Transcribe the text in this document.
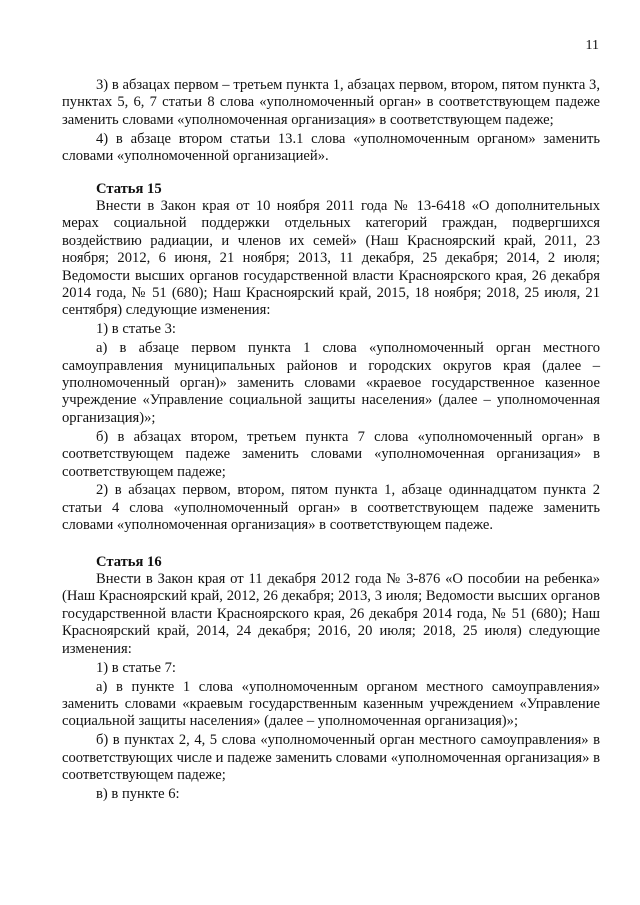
11

3) в абзацах первом – третьем пункта 1, абзацах первом, втором, пятом пункта 3, пунктах 5, 6, 7 статьи 8 слова «уполномоченный орган» в соответствующем падеже заменить словами «уполномоченная организация» в соответствующем падеже;

4) в абзаце втором статьи 13.1 слова «уполномоченным органом» заменить словами «уполномоченной организацией».

Статья 15

Внести в Закон края от 10 ноября 2011 года № 13-6418 «О дополнительных мерах социальной поддержки отдельных категорий граждан, подвергшихся воздействию радиации, и членов их семей» (Наш Красноярский край, 2011, 23 ноября; 2012, 6 июня, 21 ноября; 2013, 11 декабря, 25 декабря; 2014, 2 июля; Ведомости высших органов государственной власти Красноярского края, 26 декабря 2014 года, № 51 (680); Наш Красноярский край, 2015, 18 ноября; 2018, 25 июля, 21 сентября) следующие изменения:

1) в статье 3:

а) в абзаце первом пункта 1 слова «уполномоченный орган местного самоуправления муниципальных районов и городских округов края (далее – уполномоченный орган)» заменить словами «краевое государственное казенное учреждение «Управление социальной защиты населения» (далее – уполномоченная организация)»;

б) в абзацах втором, третьем пункта 7 слова «уполномоченный орган» в соответствующем падеже заменить словами «уполномоченная организация» в соответствующем падеже;

2) в абзацах первом, втором, пятом пункта 1, абзаце одиннадцатом пункта 2 статьи 4 слова «уполномоченный орган» в соответствующем падеже заменить словами «уполномоченная организация» в соответствующем падеже.

Статья 16

Внести в Закон края от 11 декабря 2012 года № 3-876 «О пособии на ребенка» (Наш Красноярский край, 2012, 26 декабря; 2013, 3 июля; Ведомости высших органов государственной власти Красноярского края, 26 декабря 2014 года, № 51 (680); Наш Красноярский край, 2014, 24 декабря; 2016, 20 июля; 2018, 25 июля) следующие изменения:

1) в статье 7:

а) в пункте 1 слова «уполномоченным органом местного самоуправления» заменить словами «краевым государственным казенным учреждением «Управление социальной защиты населения» (далее – уполномоченная организация)»;

б) в пунктах 2, 4, 5 слова «уполномоченный орган местного самоуправления» в соответствующих числе и падеже заменить словами «уполномоченная организация» в соответствующем падеже;

в) в пункте 6:
